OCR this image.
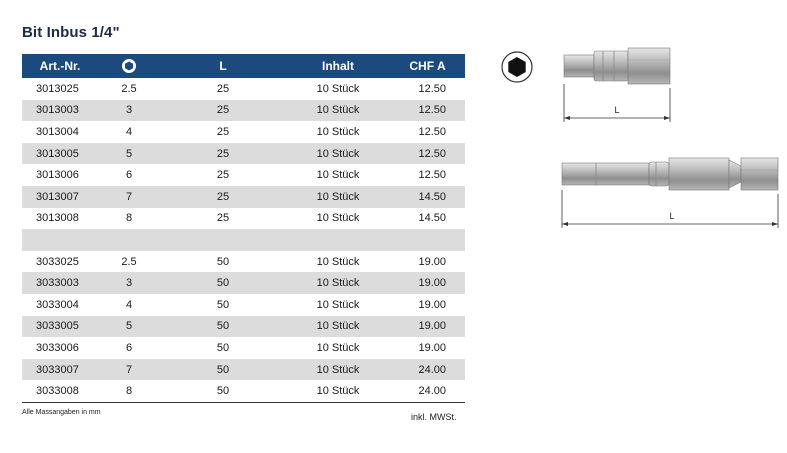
Bit Inbus 1/4"
Art.-Nr.		L	Inhalt	CHF A
3013025	2.5	25	10 Stück	12.50
3013003	3	25	10 Stück	12.50
3013004	4	25	10 Stück	12.50
3013005	5	25	10 Stück	12.50
3013006	6	25	10 Stück	12.50
3013007	7	25	10 Stück	14.50
3013008	8	25	10 Stück	14.50

3033025	2.5	50	10 Stück	19.00
3033003	3	50	10 Stück	19.00
3033004	4	50	10 Stück	19.00
3033005	5	50	10 Stück	19.00
3033006	6	50	10 Stück	19.00
3033007	7	50	10 Stück	24.00
3033008	8	50	10 Stück	24.00
Alle Massangaben in mm	inkl. MWSt.
L
L
